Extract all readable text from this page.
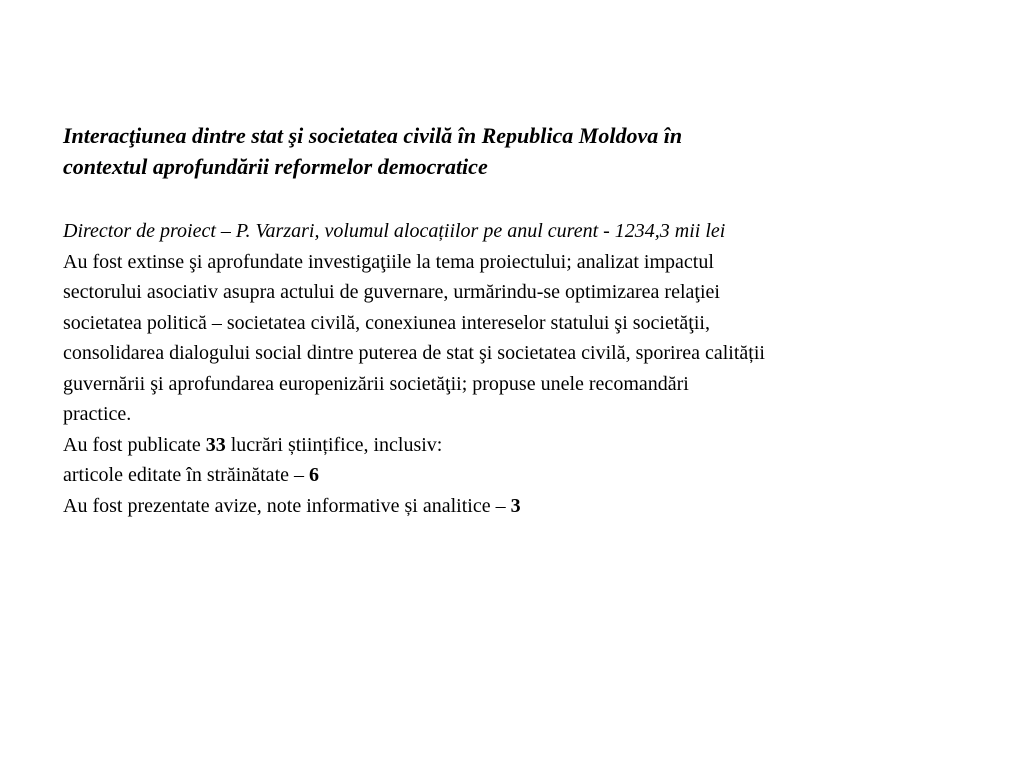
Interacţiunea dintre stat şi societatea civilă în Republica Moldova în
contextul aprofundării reformelor democratice
Director de proiect – P. Varzari, volumul alocațiilor pe anul curent - 1234,3 mii lei
Au fost extinse şi aprofundate investigaţiile la tema proiectului; analizat impactul
sectorului asociativ asupra actului de guvernare, urmărindu-se optimizarea relaţiei
societatea politică – societatea civilă, conexiunea intereselor statului şi societăţii,
consolidarea dialogului social dintre puterea de stat şi societatea civilă, sporirea calității
guvernării şi aprofundarea europenizării societăţii; propuse unele recomandări
practice.
Au fost publicate 33 lucrări științifice, inclusiv:
articole editate în străinătate – 6
Au fost prezentate avize, note informative și analitice – 3
